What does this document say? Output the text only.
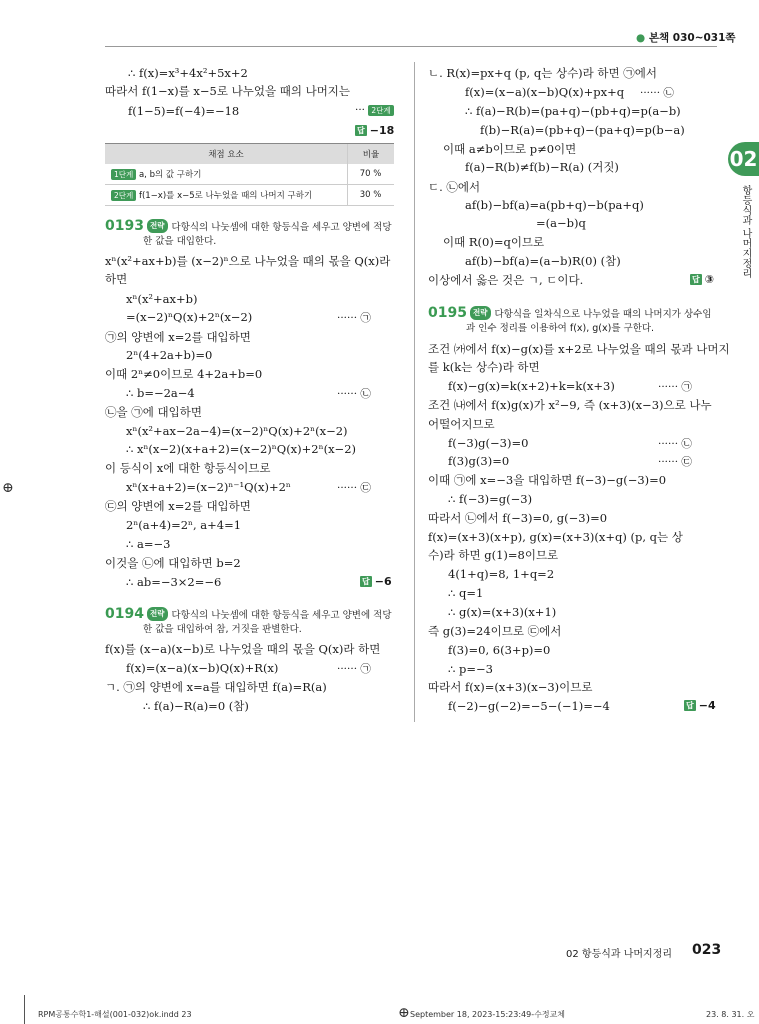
● 본책 030~031쪽
02
항등식과 나머지정리
∴ f(x)=x³+4x²+5x+2
따라서 f(1−x)를 x−5로 나누었을 때의 나머지는
f(1−5)=f(−4)=−18	··· 2단계
답 −18
채점 요소	비율
1단계 a, b의 값 구하기	70 %
2단계 f(1−x)를 x−5로 나누었을 때의 나머지 구하기	30 %
0193 전략 다항식의 나눗셈에 대한 항등식을 세우고 양변에 적당한 값을 대입한다.
xⁿ(x²+ax+b)를 (x−2)ⁿ으로 나누었을 때의 몫을 Q(x)라
하면
xⁿ(x²+ax+b)
=(x−2)ⁿQ(x)+2ⁿ(x−2)	······ ㉠
㉠의 양변에 x=2를 대입하면
2ⁿ(4+2a+b)=0
이때 2ⁿ≠0이므로 4+2a+b=0
∴ b=−2a−4	······ ㉡
㉡을 ㉠에 대입하면
xⁿ(x²+ax−2a−4)=(x−2)ⁿQ(x)+2ⁿ(x−2)
∴ xⁿ(x−2)(x+a+2)=(x−2)ⁿQ(x)+2ⁿ(x−2)
이 등식이 x에 대한 항등식이므로
xⁿ(x+a+2)=(x−2)ⁿ⁻¹Q(x)+2ⁿ	······ ㉢
㉢의 양변에 x=2를 대입하면
2ⁿ(a+4)=2ⁿ, a+4=1
∴ a=−3
이것을 ㉡에 대입하면 b=2
∴ ab=−3×2=−6	답 −6
0194 전략 다항식의 나눗셈에 대한 항등식을 세우고 양변에 적당한 값을 대입하여 참, 거짓을 판별한다.
f(x)를 (x−a)(x−b)로 나누었을 때의 몫을 Q(x)라 하면
f(x)=(x−a)(x−b)Q(x)+R(x)	······ ㉠
ㄱ. ㉠의 양변에 x=a를 대입하면 f(a)=R(a)
∴ f(a)−R(a)=0 (참)
ㄴ. R(x)=px+q (p, q는 상수)라 하면 ㉠에서
f(x)=(x−a)(x−b)Q(x)+px+q ······ ㉡
∴ f(a)−R(b)=(pa+q)−(pb+q)=p(a−b)
f(b)−R(a)=(pb+q)−(pa+q)=p(b−a)
이때 a≠b이므로 p≠0이면
f(a)−R(b)≠f(b)−R(a) (거짓)
ㄷ. ㉡에서
af(b)−bf(a)=a(pb+q)−b(pa+q)
=(a−b)q
이때 R(0)=q이므로
af(b)−bf(a)=(a−b)R(0) (참)
이상에서 옳은 것은 ㄱ, ㄷ이다.	답 ③
0195 전략 다항식을 일차식으로 나누었을 때의 나머지가 상수임과 인수 정리를 이용하여 f(x), g(x)를 구한다.
조건 ㈎에서 f(x)−g(x)를 x+2로 나누었을 때의 몫과 나머지
를 k(k는 상수)라 하면
f(x)−g(x)=k(x+2)+k=k(x+3)	······ ㉠
조건 ㈏에서 f(x)g(x)가 x²−9, 즉 (x+3)(x−3)으로 나누
어떨어지므로
f(−3)g(−3)=0	······ ㉡
f(3)g(3)=0	······ ㉢
이때 ㉠에 x=−3을 대입하면 f(−3)−g(−3)=0
∴ f(−3)=g(−3)
따라서 ㉡에서 f(−3)=0, g(−3)=0
f(x)=(x+3)(x+p), g(x)=(x+3)(x+q) (p, q는 상
수)라 하면 g(1)=8이므로
4(1+q)=8, 1+q=2
∴ q=1
∴ g(x)=(x+3)(x+1)
즉 g(3)=24이므로 ㉢에서
f(3)=0, 6(3+p)=0
∴ p=−3
따라서 f(x)=(x+3)(x−3)이므로
f(−2)−g(−2)=−5−(−1)=−4	답 −4
⊕
⊕
02 항등식과 나머지정리 023
RPM공통수학1-해설(001-032)ok.indd 23	September 18, 2023-15:23:49-수정교체	23. 8. 31. 오
